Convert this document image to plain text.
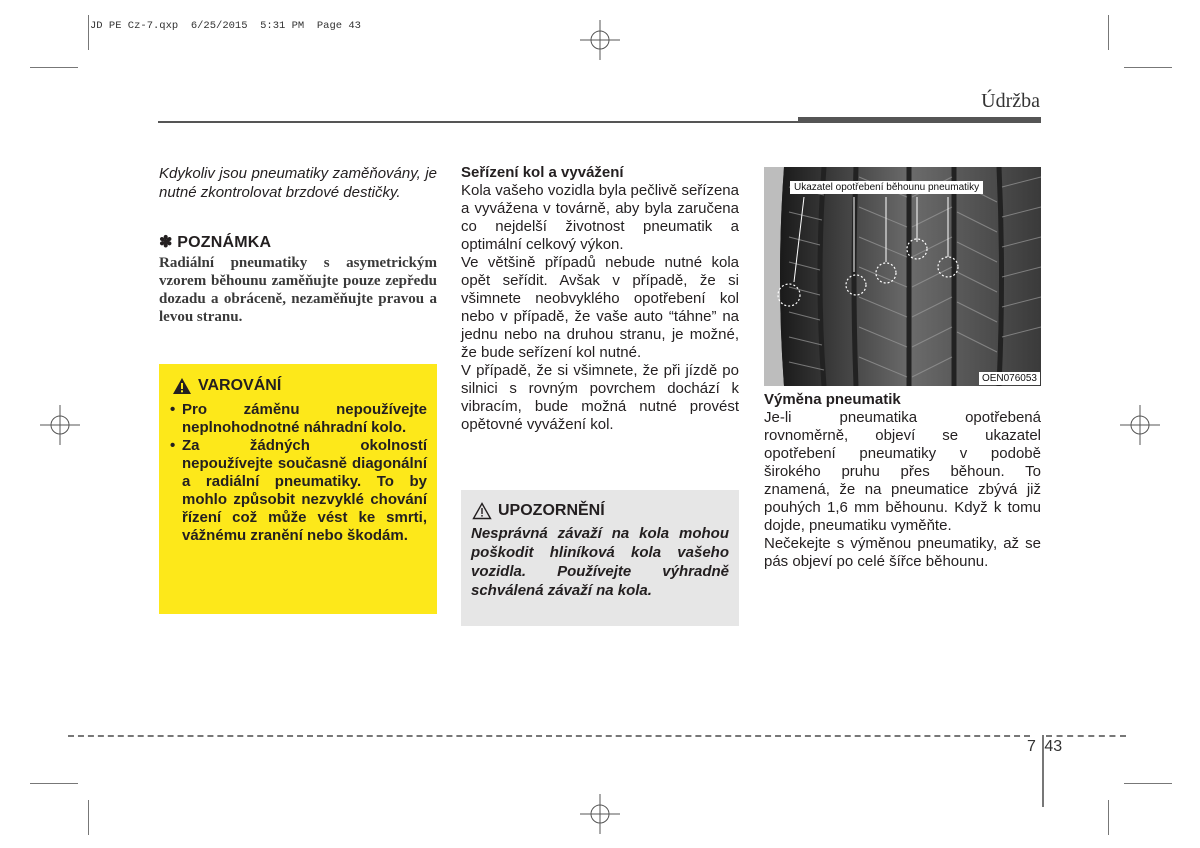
JD PE Cz-7.qxp  6/25/2015  5:31 PM  Page 43
Údržba

Kdykoliv jsou pneumatiky zaměňovány, je nutné zkontrolovat brzdové destičky.

✽ POZNÁMKA

Radiální pneumatiky s asymetrickým vzorem běhounu zaměňujte pouze zepředu dozadu a obráceně, nezaměňujte pravou a
levou stranu.

VAROVÁNÍ
• Pro záměnu nepoužívejte neplnohodnotné náhradní kolo.
• Za žádných okolností nepoužívejte současně diagonální a radiální pneumatiky. To by mohlo způsobit nezvyklé chování řízení což může vést ke smrti, vážnému zranění nebo škodám.

Seřízení kol a vyvážení

Kola vašeho vozidla byla pečlivě seřízena a vyvážena v továrně, aby byla zaručena co nejdelší životnost pneumatik a optimální celkový výkon.

Ve většině případů nebude nutné kola opět seřídit. Avšak v případě, že si všimnete neobvyklého opotřebení kol nebo v případě, že vaše auto “táhne” na jednu nebo na druhou stranu, je možné, že bude seřízení kol nutné.

V případě, že si všimnete, že při jízdě po silnici s rovným povrchem dochází k vibracím, bude možná nutné provést opětovné vyvážení kol.

UPOZORNĚNÍ

Nesprávná závaží na kola mohou poškodit hliníková kola vašeho vozidla. Používejte výhradně schválená závaží na kola.

Ukazatel opotřebení běhounu pneumatiky
OEN076053

Výměna pneumatik

Je-li pneumatika opotřebená rovnoměrně, objeví se ukazatel opotřebení pneumatiky v podobě širokého pruhu přes běhoun. To znamená, že na pneumatice zbývá již pouhých 1,6 mm běhounu. Když k tomu dojde, pneumatiku vyměňte.

Nečekejte s výměnou pneumatiky, až se pás objeví po celé šířce běhounu.

7 43
